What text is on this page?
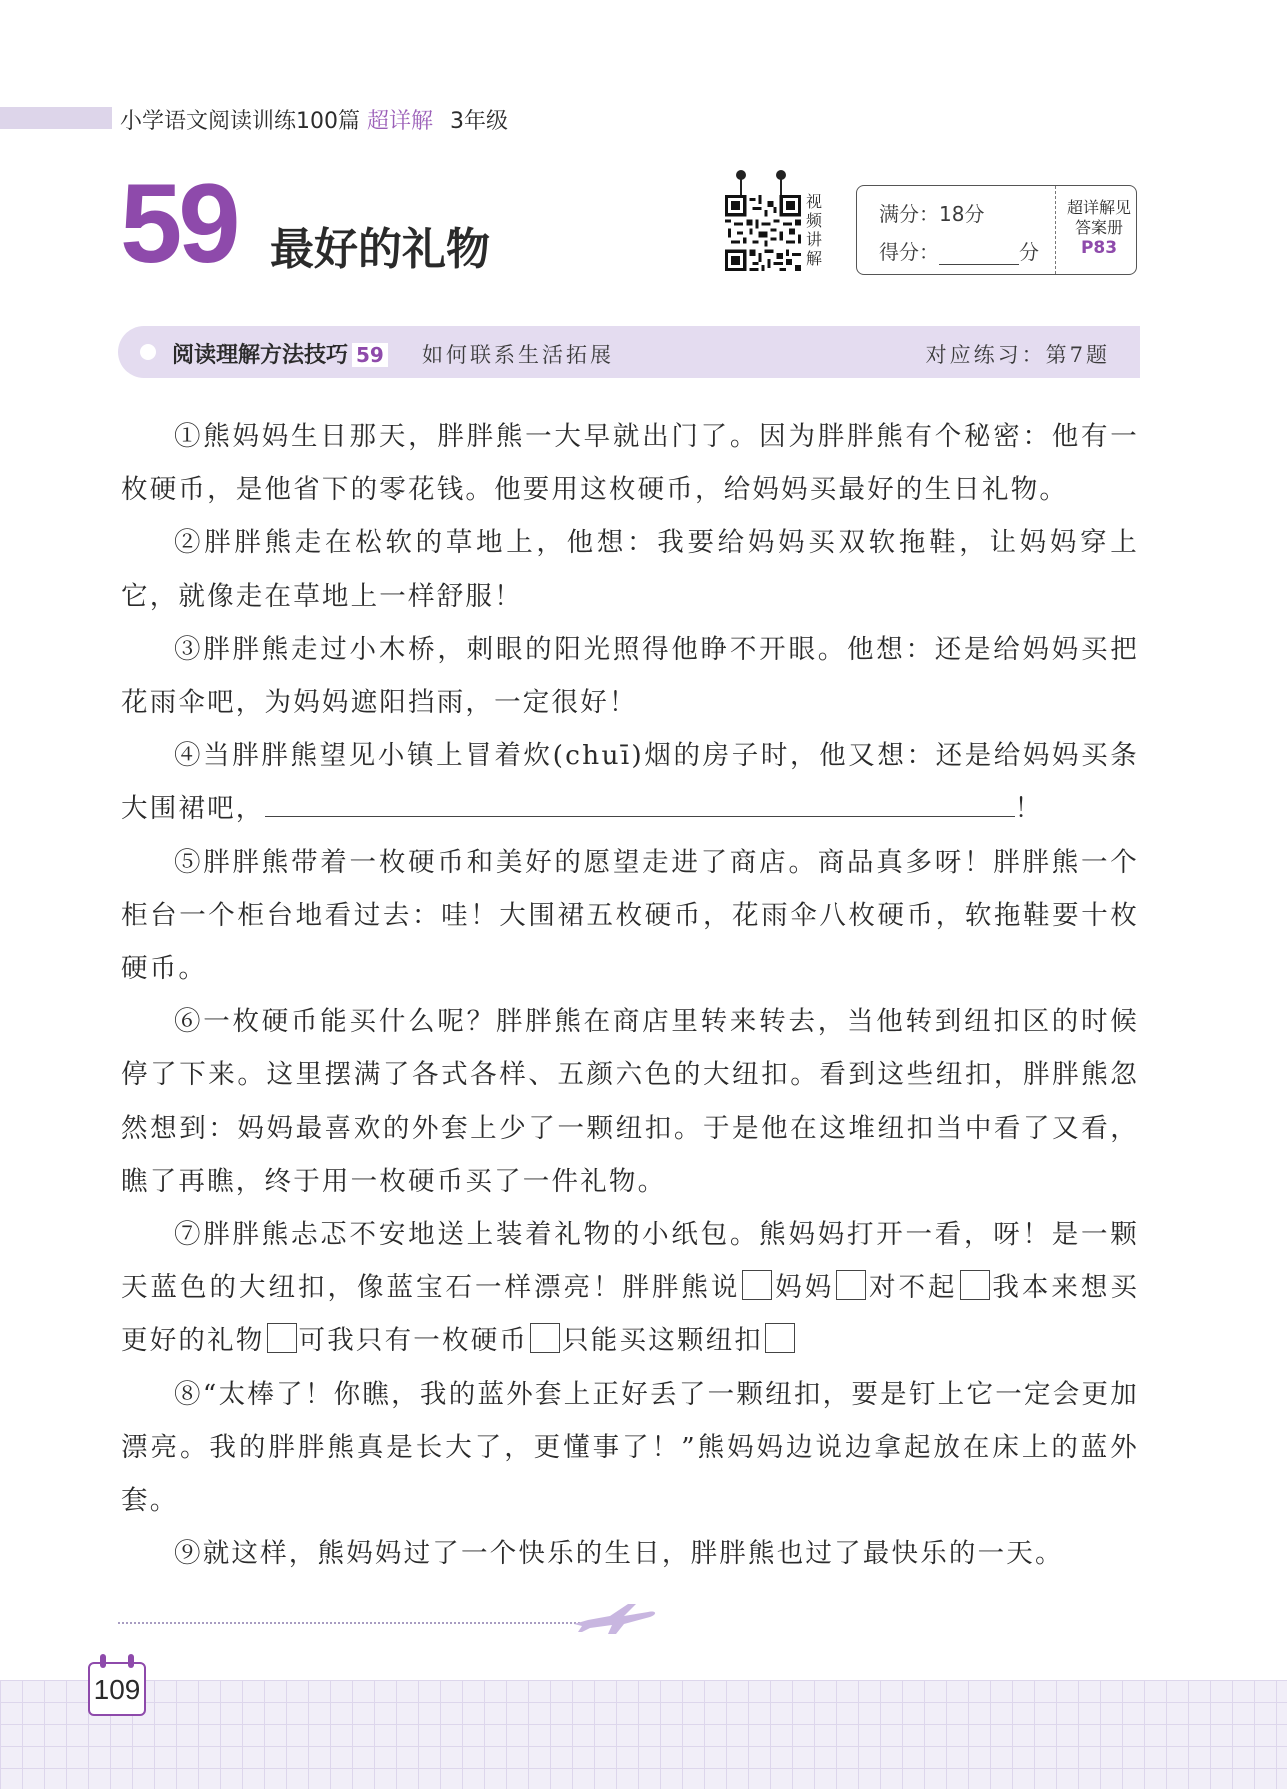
小学语文阅读训练100篇 超详解 3年级
59 最好的礼物
视频讲解
满分：18分
得分：	分
超详解见
答案册
P83
阅读理解方法技巧 59 如何联系生活拓展	对应练习：第7题

①熊妈妈生日那天，胖胖熊一大早就出门了。因为胖胖熊有个秘密：他有一枚硬币，是他省下的零花钱。他要用这枚硬币，给妈妈买最好的生日礼物。

②胖胖熊走在松软的草地上，他想：我要给妈妈买双软拖鞋，让妈妈穿上它，就像走在草地上一样舒服！

③胖胖熊走过小木桥，刺眼的阳光照得他睁不开眼。他想：还是给妈妈买把花雨伞吧，为妈妈遮阳挡雨，一定很好！

④当胖胖熊望见小镇上冒着炊(chuī)烟的房子时，他又想：还是给妈妈买条大围裙吧，	！

⑤胖胖熊带着一枚硬币和美好的愿望走进了商店。商品真多呀！胖胖熊一个柜台一个柜台地看过去：哇！大围裙五枚硬币，花雨伞八枚硬币，软拖鞋要十枚硬币。

⑥一枚硬币能买什么呢？胖胖熊在商店里转来转去，当他转到纽扣区的时候停了下来。这里摆满了各式各样、五颜六色的大纽扣。看到这些纽扣，胖胖熊忽然想到：妈妈最喜欢的外套上少了一颗纽扣。于是他在这堆纽扣当中看了又看，瞧了再瞧，终于用一枚硬币买了一件礼物。

⑦胖胖熊忐忑不安地送上装着礼物的小纸包。熊妈妈打开一看，呀！是一颗天蓝色的大纽扣，像蓝宝石一样漂亮！胖胖熊说 妈妈 对不起 我本来想买更好的礼物 可我只有一枚硬币 只能买这颗纽扣

⑧“太棒了！你瞧，我的蓝外套上正好丢了一颗纽扣，要是钉上它一定会更加漂亮。我的胖胖熊真是长大了，更懂事了！”熊妈妈边说边拿起放在床上的蓝外套。

⑨就这样，熊妈妈过了一个快乐的生日，胖胖熊也过了最快乐的一天。

109
